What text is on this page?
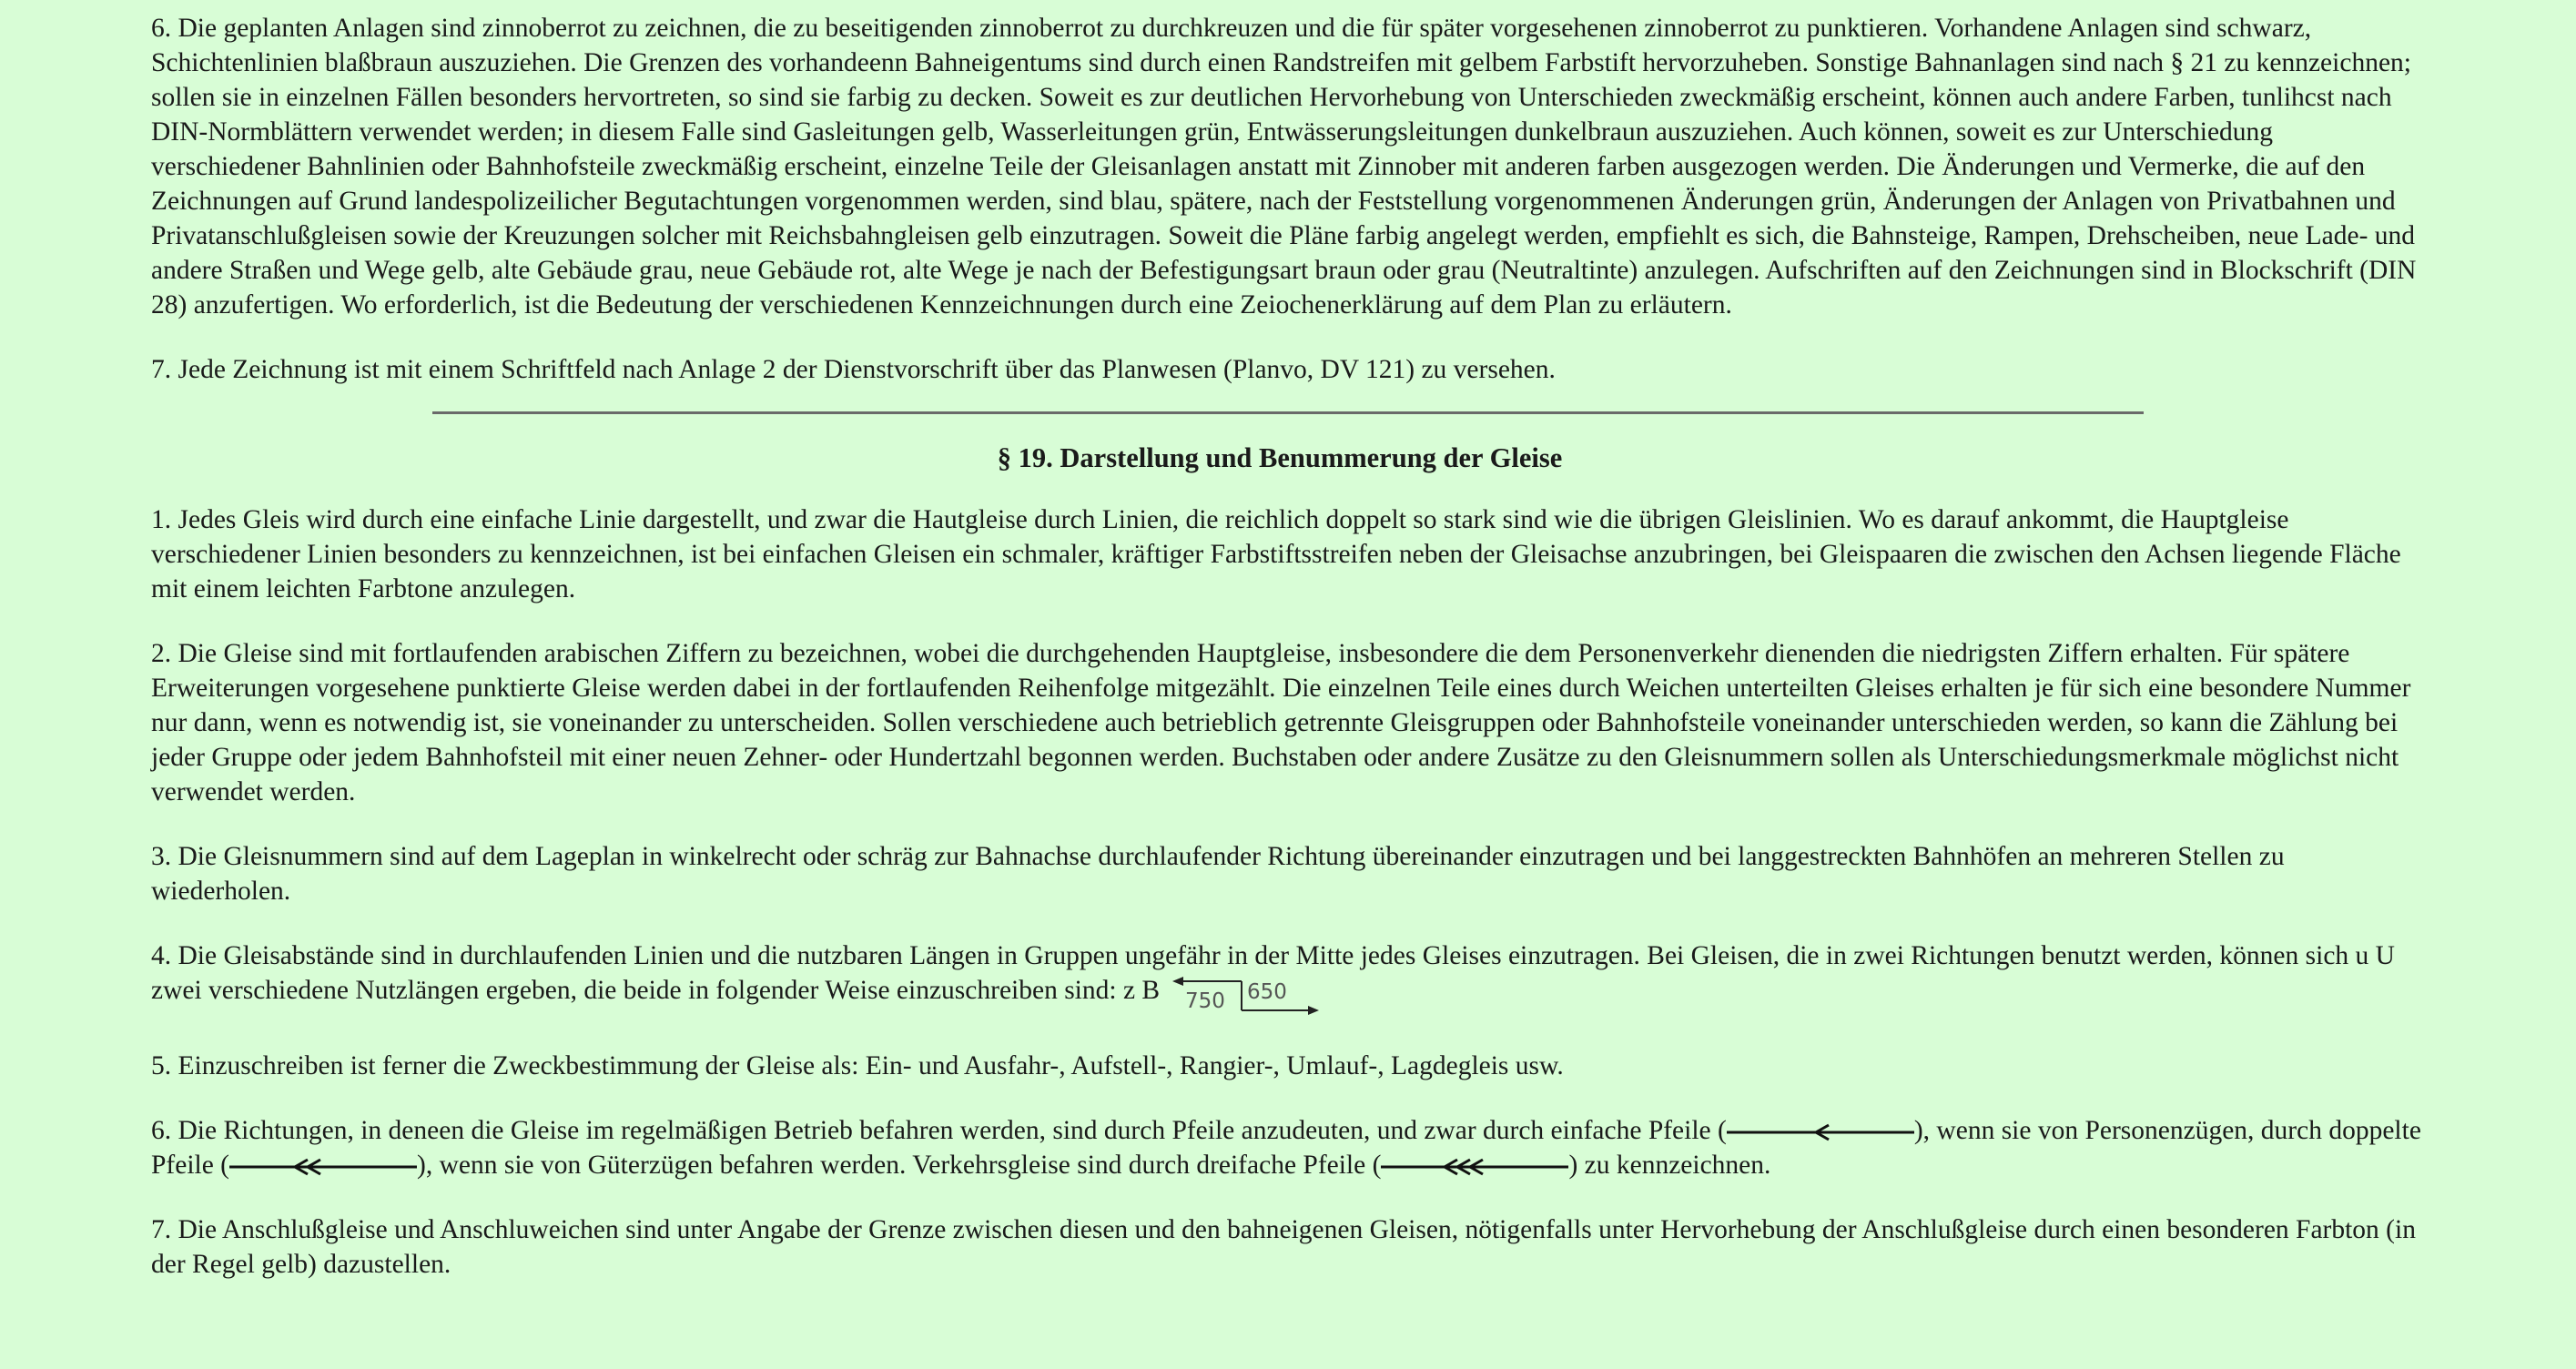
6. Die geplanten Anlagen sind zinnoberrot zu zeichnen, die zu beseitigenden zinnoberrot zu durchkreuzen und die für später vorgesehenen zinnoberrot zu punktieren. Vorhandene Anlagen sind schwarz, Schichtenlinien blaßbraun auszuziehen. Die Grenzen des vorhandeenn Bahneigentums sind durch einen Randstreifen mit gelbem Farbstift hervorzuheben. Sonstige Bahnanlagen sind nach § 21 zu kennzeichnen; sollen sie in einzelnen Fällen besonders hervortreten, so sind sie farbig zu decken. Soweit es zur deutlichen Hervorhebung von Unterschieden zweckmäßig erscheint, können auch andere Farben, tunlihcst nach DIN-Normblättern verwendet werden; in diesem Falle sind Gasleitungen gelb, Wasserleitungen grün, Entwässerungsleitungen dunkelbraun auszuziehen. Auch können, soweit es zur Unterschiedung verschiedener Bahnlinien oder Bahnhofsteile zweckmäßig erscheint, einzelne Teile der Gleisanlagen anstatt mit Zinnober mit anderen farben ausgezogen werden. Die Änderungen und Vermerke, die auf den Zeichnungen auf Grund landespolizeilicher Begutachtungen vorgenommen werden, sind blau, spätere, nach der Feststellung vorgenommenen Änderungen grün, Änderungen der Anlagen von Privatbahnen und Privatanschlußgleisen sowie der Kreuzungen solcher mit Reichsbahngleisen gelb einzutragen. Soweit die Pläne farbig angelegt werden, empfiehlt es sich, die Bahnsteige, Rampen, Drehscheiben, neue Lade- und andere Straßen und Wege gelb, alte Gebäude grau, neue Gebäude rot, alte Wege je nach der Befestigungsart braun oder grau (Neutraltinte) anzulegen. Aufschriften auf den Zeichnungen sind in Blockschrift (DIN 28) anzufertigen. Wo erforderlich, ist die Bedeutung der verschiedenen Kennzeichnungen durch eine Zeiochenerklärung auf dem Plan zu erläutern.

7. Jede Zeichnung ist mit einem Schriftfeld nach Anlage 2 der Dienstvorschrift über das Planwesen (Planvo, DV 121) zu versehen.

§ 19. Darstellung und Benummerung der Gleise

1. Jedes Gleis wird durch eine einfache Linie dargestellt, und zwar die Hautgleise durch Linien, die reichlich doppelt so stark sind wie die übrigen Gleislinien. Wo es darauf ankommt, die Hauptgleise verschiedener Linien besonders zu kennzeichnen, ist bei einfachen Gleisen ein schmaler, kräftiger Farbstiftsstreifen neben der Gleisachse anzubringen, bei Gleispaaren die zwischen den Achsen liegende Fläche mit einem leichten Farbtone anzulegen.

2. Die Gleise sind mit fortlaufenden arabischen Ziffern zu bezeichnen, wobei die durchgehenden Hauptgleise, insbesondere die dem Personenverkehr dienenden die niedrigsten Ziffern erhalten. Für spätere Erweiterungen vorgesehene punktierte Gleise werden dabei in der fortlaufenden Reihenfolge mitgezählt. Die einzelnen Teile eines durch Weichen unterteilten Gleises erhalten je für sich eine besondere Nummer nur dann, wenn es notwendig ist, sie voneinander zu unterscheiden. Sollen verschiedene auch betrieblich getrennte Gleisgruppen oder Bahnhofsteile voneinander unterschieden werden, so kann die Zählung bei jeder Gruppe oder jedem Bahnhofsteil mit einer neuen Zehner- oder Hundertzahl begonnen werden. Buchstaben oder andere Zusätze zu den Gleisnummern sollen als Unterschiedungsmerkmale möglichst nicht verwendet werden.

3. Die Gleisnummern sind auf dem Lageplan in winkelrecht oder schräg zur Bahnachse durchlaufender Richtung übereinander einzutragen und bei langgestreckten Bahnhöfen an mehreren Stellen zu wiederholen.

4. Die Gleisabstände sind in durchlaufenden Linien und die nutzbaren Längen in Gruppen ungefähr in der Mitte jedes Gleises einzutragen. Bei Gleisen, die in zwei Richtungen benutzt werden, können sich u U zwei verschiedene Nutzlängen ergeben, die beide in folgender Weise einzuschreiben sind: z B 750 650

5. Einzuschreiben ist ferner die Zweckbestimmung der Gleise als: Ein- und Ausfahr-, Aufstell-, Rangier-, Umlauf-, Lagdegleis usw.

6. Die Richtungen, in deneen die Gleise im regelmäßigen Betrieb befahren werden, sind durch Pfeile anzudeuten, und zwar durch einfache Pfeile (	), wenn sie von Personenzügen, durch doppelte Pfeile (	), wenn sie von Güterzügen befahren werden. Verkehrsgleise sind durch dreifache Pfeile (	) zu kennzeichnen.

7. Die Anschlußgleise und Anschluweichen sind unter Angabe der Grenze zwischen diesen und den bahneigenen Gleisen, nötigenfalls unter Hervorhebung der Anschlußgleise durch einen besonderen Farbton (in der Regel gelb) dazustellen.
